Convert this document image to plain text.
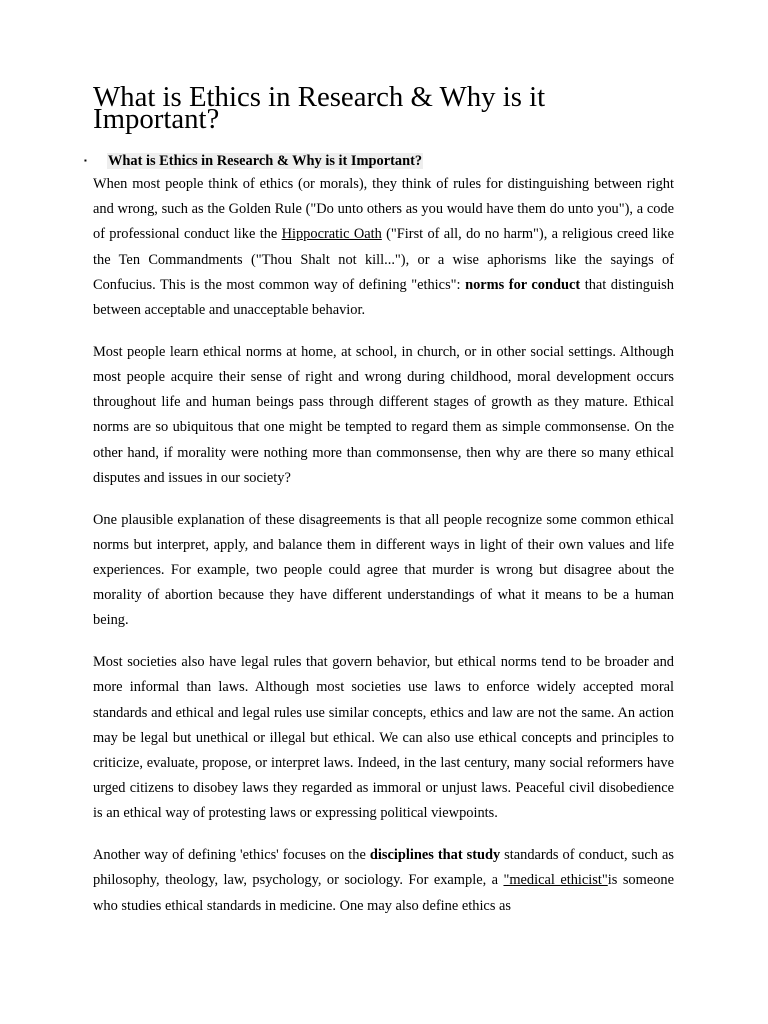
What is Ethics in Research & Why is it Important?
▪ What is Ethics in Research & Why is it Important?

When most people think of ethics (or morals), they think of rules for distinguishing between right and wrong, such as the Golden Rule ("Do unto others as you would have them do unto you"), a code of professional conduct like the Hippocratic Oath ("First of all, do no harm"), a religious creed like the Ten Commandments ("Thou Shalt not kill..."), or a wise aphorisms like the sayings of Confucius. This is the most common way of defining "ethics": norms for conduct that distinguish between acceptable and unacceptable behavior.

Most people learn ethical norms at home, at school, in church, or in other social settings. Although most people acquire their sense of right and wrong during childhood, moral development occurs throughout life and human beings pass through different stages of growth as they mature. Ethical norms are so ubiquitous that one might be tempted to regard them as simple commonsense. On the other hand, if morality were nothing more than commonsense, then why are there so many ethical disputes and issues in our society?

One plausible explanation of these disagreements is that all people recognize some common ethical norms but interpret, apply, and balance them in different ways in light of their own values and life experiences. For example, two people could agree that murder is wrong but disagree about the morality of abortion because they have different understandings of what it means to be a human being.

Most societies also have legal rules that govern behavior, but ethical norms tend to be broader and more informal than laws. Although most societies use laws to enforce widely accepted moral standards and ethical and legal rules use similar concepts, ethics and law are not the same. An action may be legal but unethical or illegal but ethical. We can also use ethical concepts and principles to criticize, evaluate, propose, or interpret laws. Indeed, in the last century, many social reformers have urged citizens to disobey laws they regarded as immoral or unjust laws. Peaceful civil disobedience is an ethical way of protesting laws or expressing political viewpoints.

Another way of defining 'ethics' focuses on the disciplines that study standards of conduct, such as philosophy, theology, law, psychology, or sociology. For example, a "medical ethicist"is someone who studies ethical standards in medicine. One may also define ethics as
